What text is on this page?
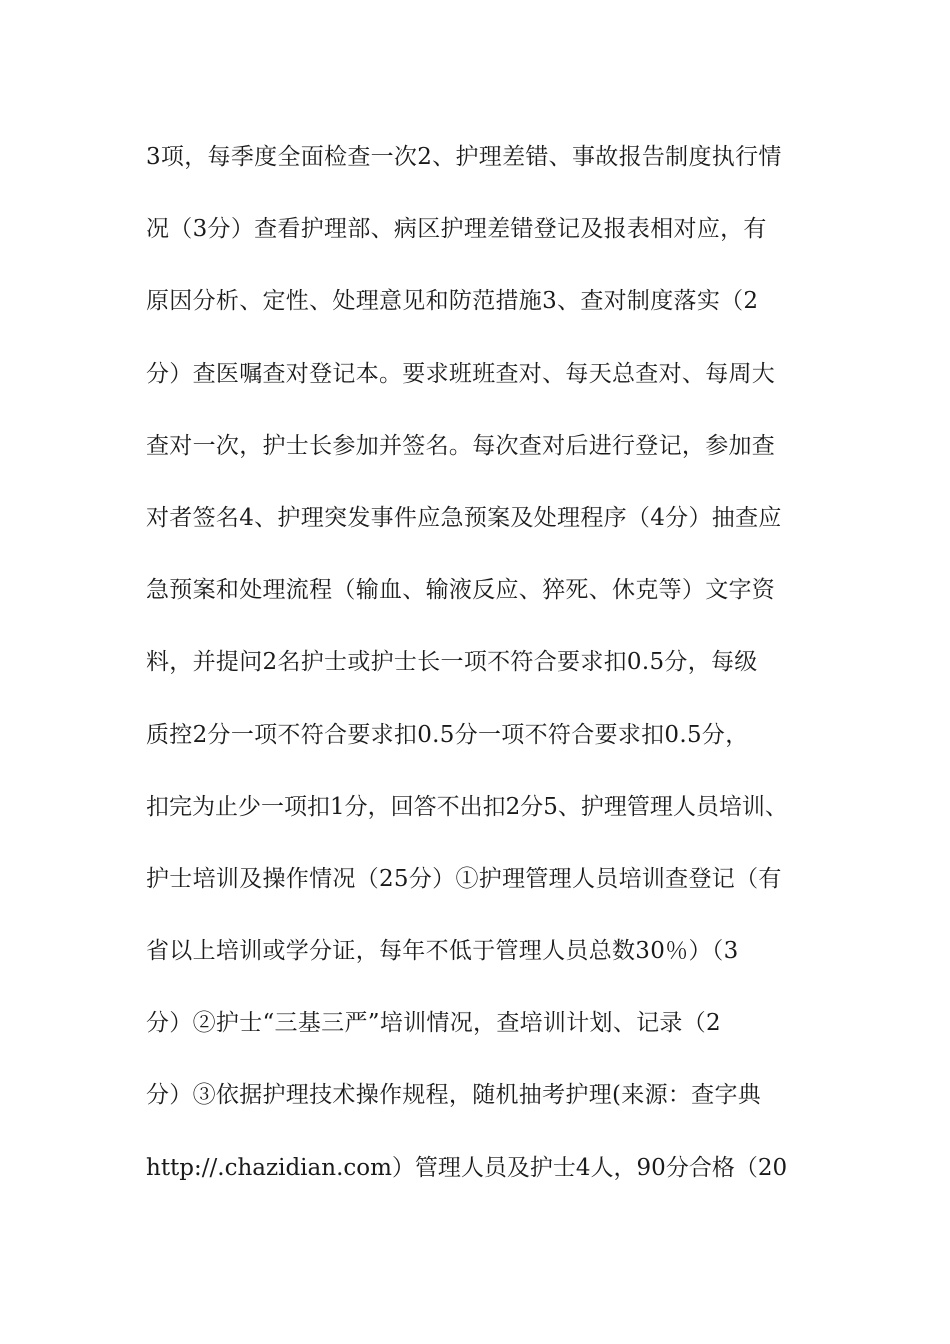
3项，每季度全面检查一次2、护理差错、事故报告制度执行情
况（3分）查看护理部、病区护理差错登记及报表相对应，有
原因分析、定性、处理意见和防范措施3、查对制度落实（2
分）查医嘱查对登记本。要求班班查对、每天总查对、每周大
查对一次，护士长参加并签名。每次查对后进行登记，参加查
对者签名4、护理突发事件应急预案及处理程序（4分）抽查应
急预案和处理流程（输血、输液反应、猝死、休克等）文字资
料，并提问2名护士或护士长一项不符合要求扣0.5分，每级
质控2分一项不符合要求扣0.5分一项不符合要求扣0.5分，
扣完为止少一项扣1分，回答不出扣2分5、护理管理人员培训、
护士培训及操作情况（25分）①护理管理人员培训查登记（有
省以上培训或学分证，每年不低于管理人员总数30％）（3
分）②护士“三基三严”培训情况，查培训计划、记录（2
分）③依据护理技术操作规程，随机抽考护理(来源：查字典
http://.chazidian.com）管理人员及护士4人，90分合格（20
